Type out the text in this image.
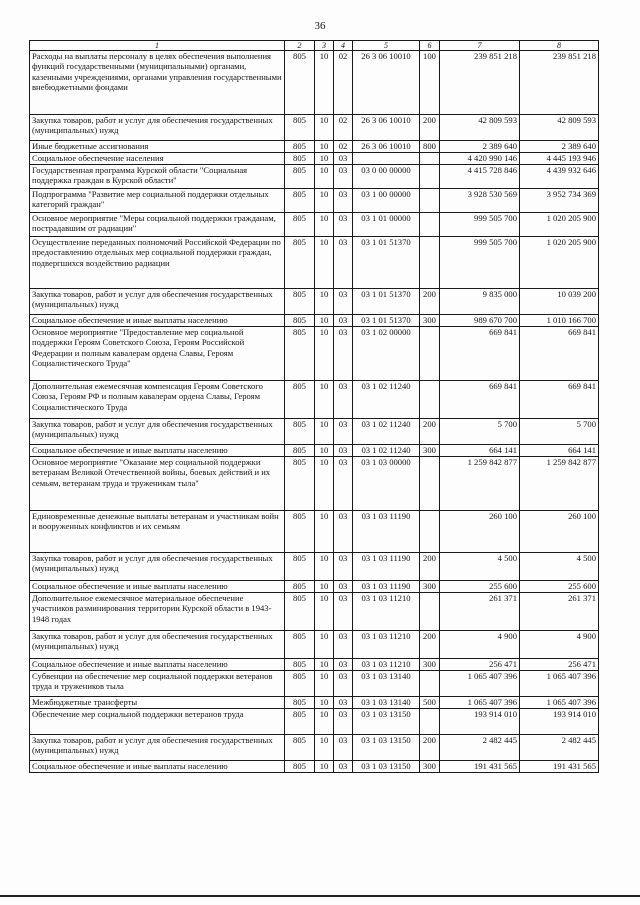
36
1	2	3	4	5	6	7	8
Расходы на выплаты персоналу в целях обеспечения выполнения функций государственными (муниципальными) органами, казенными учреждениями, органами управления государственными внебюджетными фондами	805	10	02	26 3 06 10010	100	239 851 218	239 851 218
Закупка товаров, работ и услуг для обеспечения государственных (муниципальных) нужд	805	10	02	26 3 06 10010	200	42 809 593	42 809 593
Иные бюджетные ассигнования	805	10	02	26 3 06 10010	800	2 389 640	2 389 640
Социальное обеспечение населения	805	10	03			4 420 990 146	4 445 193 946
Государственная программа Курской области "Социальная поддержка граждан в Курской области"	805	10	03	03 0 00 00000		4 415 728 846	4 439 932 646
Подпрограмма "Развитие мер социальной поддержки отдельных категорий граждан"	805	10	03	03 1 00 00000		3 928 530 569	3 952 734 369
Основное мероприятие "Меры социальной поддержки гражданам, пострадавшим от радиации"	805	10	03	03 1 01 00000		999 505 700	1 020 205 900
Осуществление переданных полномочий Российской Федерации по предоставлению отдельных мер социальной поддержки граждан, подвергшихся воздействию радиации	805	10	03	03 1 01 51370		999 505 700	1 020 205 900
Закупка товаров, работ и услуг для обеспечения государственных (муниципальных) нужд	805	10	03	03 1 01 51370	200	9 835 000	10 039 200
Социальное обеспечение и иные выплаты населению	805	10	03	03 1 01 51370	300	989 670 700	1 010 166 700
Основное мероприятие "Предоставление мер социальной поддержки Героям Советского Союза, Героям Российской Федерации и полным кавалерам ордена Славы, Героям Социалистического Труда"	805	10	03	03 1 02 00000		669 841	669 841
Дополнительная ежемесячная компенсация Героям Советского Союза, Героям РФ и полным кавалерам ордена Славы, Героям Социалистического Труда	805	10	03	03 1 02 11240		669 841	669 841
Закупка товаров, работ и услуг для обеспечения государственных (муниципальных) нужд	805	10	03	03 1 02 11240	200	5 700	5 700
Социальное обеспечение и иные выплаты населению	805	10	03	03 1 02 11240	300	664 141	664 141
Основное мероприятие "Оказание мер социальной поддержки ветеранам Великой Отечественной войны, боевых действий и их семьям, ветеранам труда и труженикам тыла"	805	10	03	03 1 03 00000		1 259 842 877	1 259 842 877
Единовременные денежные выплаты ветеранам и участникам войн и вооруженных конфликтов и их семьям	805	10	03	03 1 03 11190		260 100	260 100
Закупка товаров, работ и услуг для обеспечения государственных (муниципальных) нужд	805	10	03	03 1 03 11190	200	4 500	4 500
Социальное обеспечение и иные выплаты населению	805	10	03	03 1 03 11190	300	255 600	255 600
Дополнительное ежемесячное материальное обеспечение участников разминирования территории Курской области в 1943-1948 годах	805	10	03	03 1 03 11210		261 371	261 371
Закупка товаров, работ и услуг для обеспечения государственных (муниципальных) нужд	805	10	03	03 1 03 11210	200	4 900	4 900
Социальное обеспечение и иные выплаты населению	805	10	03	03 1 03 11210	300	256 471	256 471
Субвенции на обеспечение мер социальной поддержки ветеранов труда и тружеников тыла	805	10	03	03 1 03 13140		1 065 407 396	1 065 407 396
Межбюджетные трансферты	805	10	03	03 1 03 13140	500	1 065 407 396	1 065 407 396
Обеспечение мер социальной поддержки ветеранов труда	805	10	03	03 1 03 13150		193 914 010	193 914 010
Закупка товаров, работ и услуг для обеспечения государственных (муниципальных) нужд	805	10	03	03 1 03 13150	200	2 482 445	2 482 445
Социальное обеспечение и иные выплаты населению	805	10	03	03 1 03 13150	300	191 431 565	191 431 565
